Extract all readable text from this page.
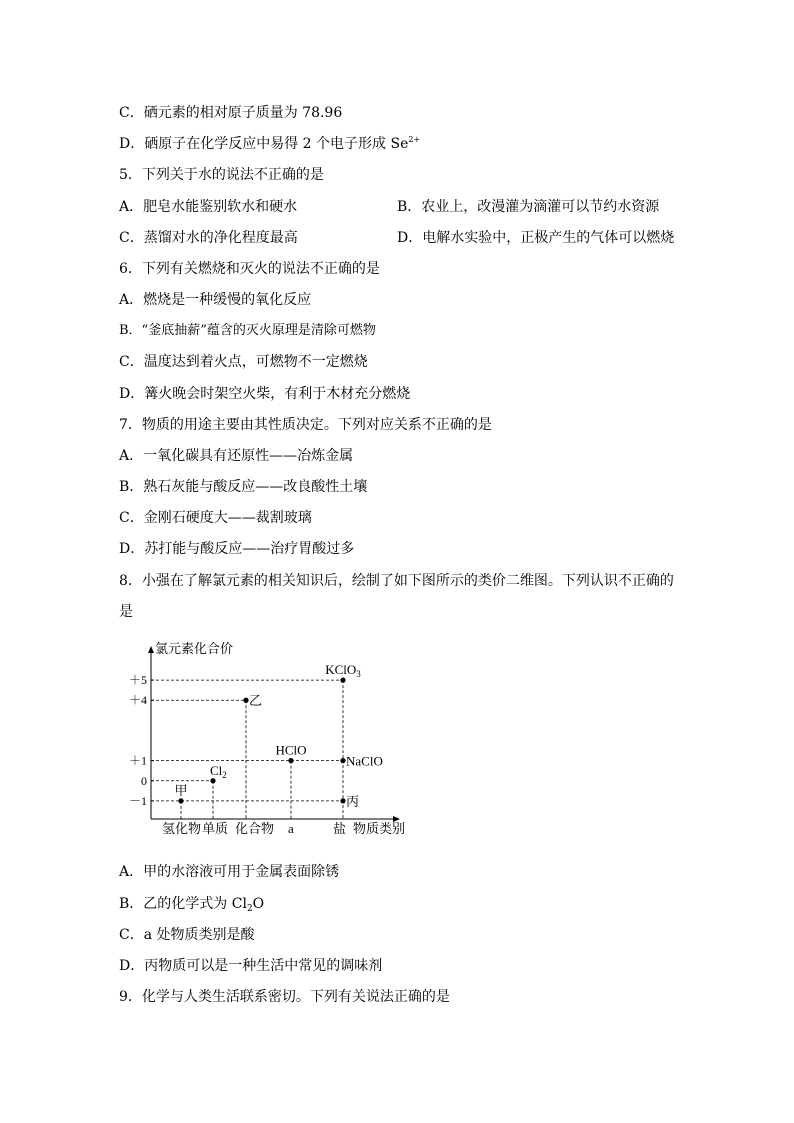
C．硒元素的相对原子质量为 78.96
D．硒原子在化学反应中易得 2 个电子形成 $Se^{2+}$
5．下列关于水的说法不正确的是
A．肥皂水能鉴别软水和硬水	B．农业上，改漫灌为滴灌可以节约水资源
C．蒸馏对水的净化程度最高	D．电解水实验中，正极产生的气体可以燃烧
6．下列有关燃烧和灭火的说法不正确的是
A．燃烧是一种缓慢的氧化反应
B．“釜底抽薪”蕴含的灭火原理是清除可燃物
C．温度达到着火点，可燃物不一定燃烧
D．篝火晚会时架空火柴，有利于木材充分燃烧
7．物质的用途主要由其性质决定。下列对应关系不正确的是
A．一氧化碳具有还原性——冶炼金属
B．熟石灰能与酸反应——改良酸性土壤
C．金刚石硬度大——裁割玻璃
D．苏打能与酸反应——治疗胃酸过多
8．小强在了解氯元素的相关知识后，绘制了如下图所示的类价二维图。下列认识不正确的
是
氯元素化合价
物质类别
＋5
＋4
＋1
0
－1
氢化物 单质 化合物 a	盐
甲
$Cl_2$
乙
HClO
KClO$_3$
NaClO
丙
A．甲的水溶液可用于金属表面除锈
B．乙的化学式为 $Cl_2O$
C．a 处物质类别是酸
D．丙物质可以是一种生活中常见的调味剂
9．化学与人类生活联系密切。下列有关说法正确的是
